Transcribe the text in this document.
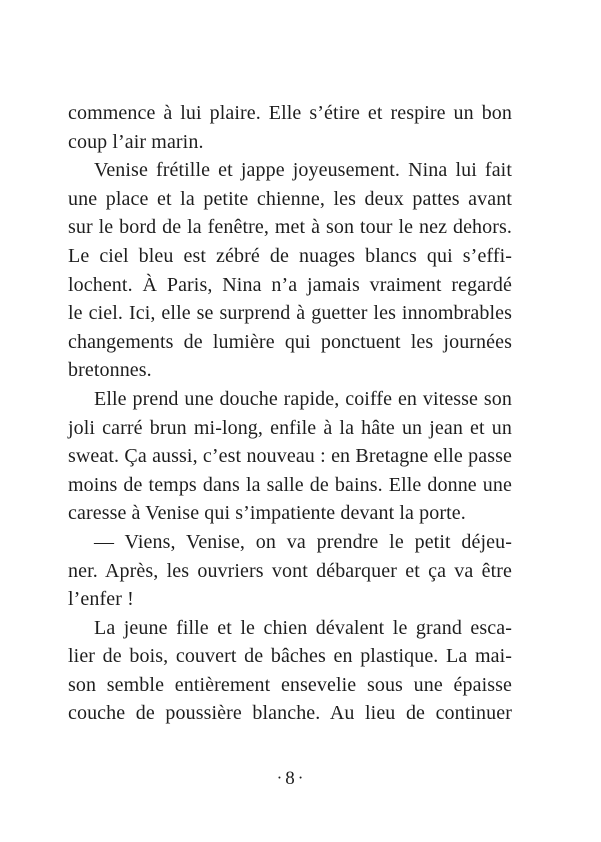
commence à lui plaire. Elle s’étire et respire un bon
coup l’air marin.
Venise frétille et jappe joyeusement. Nina lui fait
une place et la petite chienne, les deux pattes avant
sur le bord de la fenêtre, met à son tour le nez dehors.
Le ciel bleu est zébré de nuages blancs qui s’effi-
lochent. À Paris, Nina n’a jamais vraiment regardé
le ciel. Ici, elle se surprend à guetter les innombrables
changements de lumière qui ponctuent les journées
bretonnes.
Elle prend une douche rapide, coiffe en vitesse son
joli carré brun mi-long, enfile à la hâte un jean et un
sweat. Ça aussi, c’est nouveau : en Bretagne elle passe
moins de temps dans la salle de bains. Elle donne une
caresse à Venise qui s’impatiente devant la porte.
— Viens, Venise, on va prendre le petit déjeu-
ner. Après, les ouvriers vont débarquer et ça va être
l’enfer !
La jeune fille et le chien dévalent le grand esca-
lier de bois, couvert de bâches en plastique. La mai-
son semble entièrement ensevelie sous une épaisse
couche de poussière blanche. Au lieu de continuer
· 8 ·
